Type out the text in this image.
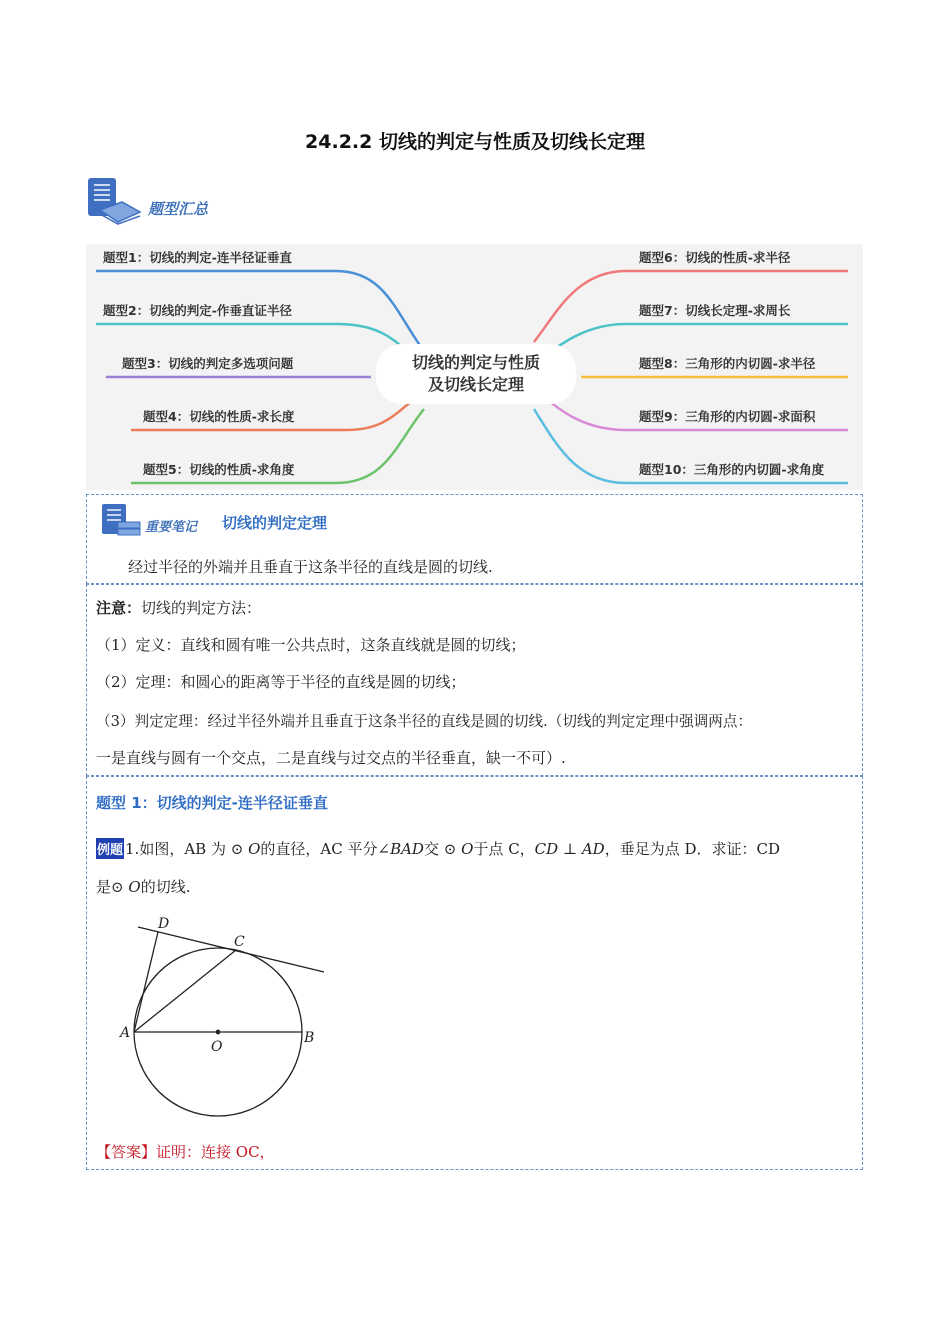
24.2.2 切线的判定与性质及切线长定理
题型汇总
题型1：切线的判定-连半径证垂直
题型2：切线的判定-作垂直证半径
题型3：切线的判定多选项问题
题型4：切线的性质-求长度
题型5：切线的性质-求角度
题型6：切线的性质-求半径
题型7：切线长定理-求周长
题型8：三角形的内切圆-求半径
题型9：三角形的内切圆-求面积
题型10：三角形的内切圆-求角度
切线的判定与性质
及切线长定理
重要笔记 切线的判定定理
经过半径的外端并且垂直于这条半径的直线是圆的切线.
注意：切线的判定方法：
（1）定义：直线和圆有唯一公共点时，这条直线就是圆的切线；
（2）定理：和圆心的距离等于半径的直线是圆的切线；
（3）判定定理：经过半径外端并且垂直于这条半径的直线是圆的切线.（切线的判定定理中强调两点：
一是直线与圆有一个交点，二是直线与过交点的半径垂直，缺一不可）.
题型 1：切线的判定-连半径证垂直
例题 1.如图，AB 为 ⊙ O的直径，AC 平分∠BAD交 ⊙ O于点 C，CD ⊥ AD，垂足为点 D．求证：CD
是⊙ O的切线.
A	B
C
D
O
【答案】证明：连接 OC，
